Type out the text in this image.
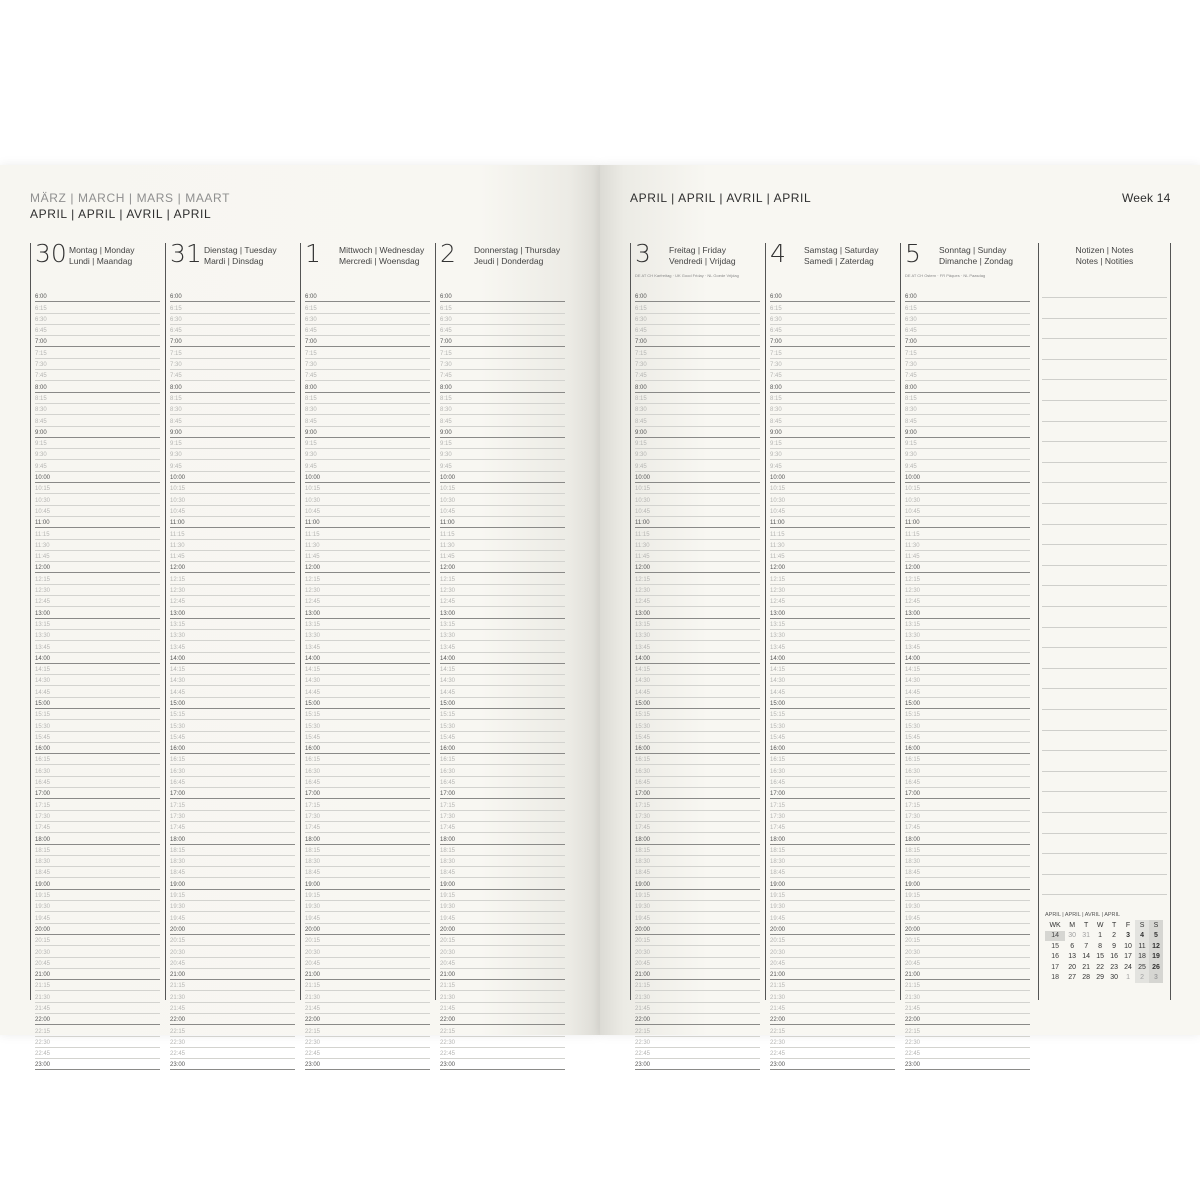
MÄRZ | MARCH | MARS | MAART
APRIL | APRIL | AVRIL | APRIL
APRIL | APRIL | AVRIL | APRIL	Week 14
30 Montag | Monday
Lundi | Maandag
6:00
6:15
6:30
6:45
7:00
7:15
7:30
7:45
8:00
8:15
8:30
8:45
9:00
9:15
9:30
9:45
10:00
10:15
10:30
10:45
11:00
11:15
11:30
11:45
12:00
12:15
12:30
12:45
13:00
13:15
13:30
13:45
14:00
14:15
14:30
14:45
15:00
15:15
15:30
15:45
16:00
16:15
16:30
16:45
17:00
17:15
17:30
17:45
18:00
18:15
18:30
18:45
19:00
19:15
19:30
19:45
20:00
20:15
20:30
20:45
21:00
21:15
21:30
21:45
22:00
22:15
22:30
22:45
23:00
31 Dienstag | Tuesday
Mardi | Dinsdag
6:00
6:15
6:30
6:45
7:00
7:15
7:30
7:45
8:00
8:15
8:30
8:45
9:00
9:15
9:30
9:45
10:00
10:15
10:30
10:45
11:00
11:15
11:30
11:45
12:00
12:15
12:30
12:45
13:00
13:15
13:30
13:45
14:00
14:15
14:30
14:45
15:00
15:15
15:30
15:45
16:00
16:15
16:30
16:45
17:00
17:15
17:30
17:45
18:00
18:15
18:30
18:45
19:00
19:15
19:30
19:45
20:00
20:15
20:30
20:45
21:00
21:15
21:30
21:45
22:00
22:15
22:30
22:45
23:00
1 Mittwoch | Wednesday
Mercredi | Woensdag
6:00
6:15
6:30
6:45
7:00
7:15
7:30
7:45
8:00
8:15
8:30
8:45
9:00
9:15
9:30
9:45
10:00
10:15
10:30
10:45
11:00
11:15
11:30
11:45
12:00
12:15
12:30
12:45
13:00
13:15
13:30
13:45
14:00
14:15
14:30
14:45
15:00
15:15
15:30
15:45
16:00
16:15
16:30
16:45
17:00
17:15
17:30
17:45
18:00
18:15
18:30
18:45
19:00
19:15
19:30
19:45
20:00
20:15
20:30
20:45
21:00
21:15
21:30
21:45
22:00
22:15
22:30
22:45
23:00
2 Donnerstag | Thursday
Jeudi | Donderdag
6:00
6:15
6:30
6:45
7:00
7:15
7:30
7:45
8:00
8:15
8:30
8:45
9:00
9:15
9:30
9:45
10:00
10:15
10:30
10:45
11:00
11:15
11:30
11:45
12:00
12:15
12:30
12:45
13:00
13:15
13:30
13:45
14:00
14:15
14:30
14:45
15:00
15:15
15:30
15:45
16:00
16:15
16:30
16:45
17:00
17:15
17:30
17:45
18:00
18:15
18:30
18:45
19:00
19:15
19:30
19:45
20:00
20:15
20:30
20:45
21:00
21:15
21:30
21:45
22:00
22:15
22:30
22:45
23:00
3 Freitag | Friday
Vendredi | Vrijdag
DE AT CH Karfreitag · UK Good Friday · NL Goede Vrijdag
6:00
6:15
6:30
6:45
7:00
7:15
7:30
7:45
8:00
8:15
8:30
8:45
9:00
9:15
9:30
9:45
10:00
10:15
10:30
10:45
11:00
11:15
11:30
11:45
12:00
12:15
12:30
12:45
13:00
13:15
13:30
13:45
14:00
14:15
14:30
14:45
15:00
15:15
15:30
15:45
16:00
16:15
16:30
16:45
17:00
17:15
17:30
17:45
18:00
18:15
18:30
18:45
19:00
19:15
19:30
19:45
20:00
20:15
20:30
20:45
21:00
21:15
21:30
21:45
22:00
22:15
22:30
22:45
23:00
4 Samstag | Saturday
Samedi | Zaterdag
6:00
6:15
6:30
6:45
7:00
7:15
7:30
7:45
8:00
8:15
8:30
8:45
9:00
9:15
9:30
9:45
10:00
10:15
10:30
10:45
11:00
11:15
11:30
11:45
12:00
12:15
12:30
12:45
13:00
13:15
13:30
13:45
14:00
14:15
14:30
14:45
15:00
15:15
15:30
15:45
16:00
16:15
16:30
16:45
17:00
17:15
17:30
17:45
18:00
18:15
18:30
18:45
19:00
19:15
19:30
19:45
20:00
20:15
20:30
20:45
21:00
21:15
21:30
21:45
22:00
22:15
22:30
22:45
23:00
5 Sonntag | Sunday
Dimanche | Zondag
DE AT CH Ostern · FR Pâques · NL Paasdag
6:00
6:15
6:30
6:45
7:00
7:15
7:30
7:45
8:00
8:15
8:30
8:45
9:00
9:15
9:30
9:45
10:00
10:15
10:30
10:45
11:00
11:15
11:30
11:45
12:00
12:15
12:30
12:45
13:00
13:15
13:30
13:45
14:00
14:15
14:30
14:45
15:00
15:15
15:30
15:45
16:00
16:15
16:30
16:45
17:00
17:15
17:30
17:45
18:00
18:15
18:30
18:45
19:00
19:15
19:30
19:45
20:00
20:15
20:30
20:45
21:00
21:15
21:30
21:45
22:00
22:15
22:30
22:45
23:00
Notizen | Notes
Notes | Notities
APRIL | APRIL | AVRIL | APRIL
WK	M	T	W	T	F	S	S
14	30	31	1	2	3	4	5
15	6	7	8	9	10	11	12
16	13	14	15	16	17	18	19
17	20	21	22	23	24	25	26
18	27	28	29	30	1	2	3
